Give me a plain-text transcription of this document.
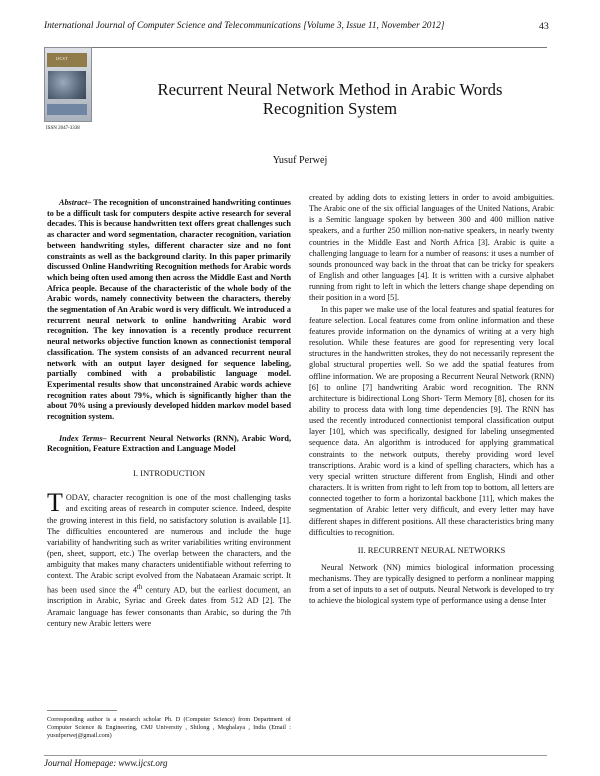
International Journal of Computer Science and Telecommunications [Volume 3, Issue 11, November 2012]	43
IJCST
ISSN 2047-3338
Recurrent Neural Network Method in Arabic Words
Recognition System
Yusuf Perwej

Abstract– The recognition of unconstrained handwriting continues to be a difficult task for computers despite active research for several decades. This is because handwritten text offers great challenges such as character and word segmentation, character recognition, variation between handwriting styles, different character size and no font constraints as well as the background clarity. In this paper primarily discussed Online Handwriting Recognition methods for Arabic words which being often used among then across the Middle East and North Africa people. Because of the characteristic of the whole body of the Arabic words, namely connectivity between the characters, thereby the segmentation of An Arabic word is very difficult. We introduced a recurrent neural network to online handwriting Arabic word recognition. The key innovation is a recently produce recurrent neural networks objective function known as connectionist temporal classification. The system consists of an advanced recurrent neural network with an output layer designed for sequence labeling, partially combined with a probabilistic language model. Experimental results show that unconstrained Arabic words achieve recognition rates about 79%, which is significantly higher than the about 70% using a previously developed hidden markov model based recognition system.

Index Terms– Recurrent Neural Networks (RNN), Arabic Word, Recognition, Feature Extraction and Language Model

I. INTRODUCTION

TODAY, character recognition is one of the most challenging tasks and exciting areas of research in computer science. Indeed, despite the growing interest in this field, no satisfactory solution is available [1]. The difficulties encountered are numerous and include the huge variability of handwriting such as writer variabilities writing environment (pen, sheet, support, etc.) The overlap between the characters, and the ambiguity that makes many characters unidentifiable without referring to context. The Arabic script evolved from the Nabataean Aramaic script. It has been used since the 4th century AD, but the earliest document, an inscription in Arabic, Syriac and Greek dates from 512 AD [2]. The Aramaic language has fewer consonants than Arabic, so during the 7th century new Arabic letters were

created by adding dots to existing letters in order to avoid ambiguities. The Arabic one of the six official languages of the United Nations, Arabic is a Semitic language spoken by between 300 and 400 million native speakers, and a further 250 million non-native speakers, in nearly twenty countries in the Middle East and North Africa [3]. Arabic is quite a challenging language to learn for a number of reasons: it uses a number of sounds pronounced way back in the throat that can be tricky for speakers of English and other languages [4]. It is written with a cursive alphabet running from right to left in which the letters change shape depending on their position in a word [5].

In this paper we make use of the local features and spatial features for feature selection. Local features come from online information and these features provide information on the dynamics of writing at a very high resolution. While these features are good for representing very local structures in the handwritten strokes, they do not necessarily represent the global structural properties well. So we add the spatial features from offline information. We are proposing a Recurrent Neural Network (RNN) [6] to online [7] handwriting Arabic word recognition. The RNN architecture is bidirectional Long Short- Term Memory [8], chosen for its ability to process data with long time dependencies [9]. The RNN has used the recently introduced connectionist temporal classification output layer [10], which was specifically, designed for labeling unsegmented sequence data. An algorithm is introduced for applying grammatical constraints to the network outputs, thereby providing word level transcriptions. Arabic word is a kind of spelling characters, which has a very special written structure different from English, Hindi and other characters. It is written from right to left from top to bottom, all letters are connected together to form a horizontal backbone [11], which makes the segmentation of Arabic letter very difficult, and every letter may have different shapes in different positions. All these characteristics bring many difficulties to recognition.

II. RECURRENT NEURAL NETWORKS

Neural Network (NN) mimics biological information processing mechanisms. They are typically designed to perform a nonlinear mapping from a set of inputs to a set of outputs. Neural Network is developed to try to achieve the biological system type of performance using a dense Inter

Corresponding author is a research scholar Ph. D (Computer Science) from Department of Computer Science & Engineering, CMJ University , Shilong , Meghalaya , India (Email : yusufperwej@gmail.com)
Journal Homepage: www.ijcst.org
